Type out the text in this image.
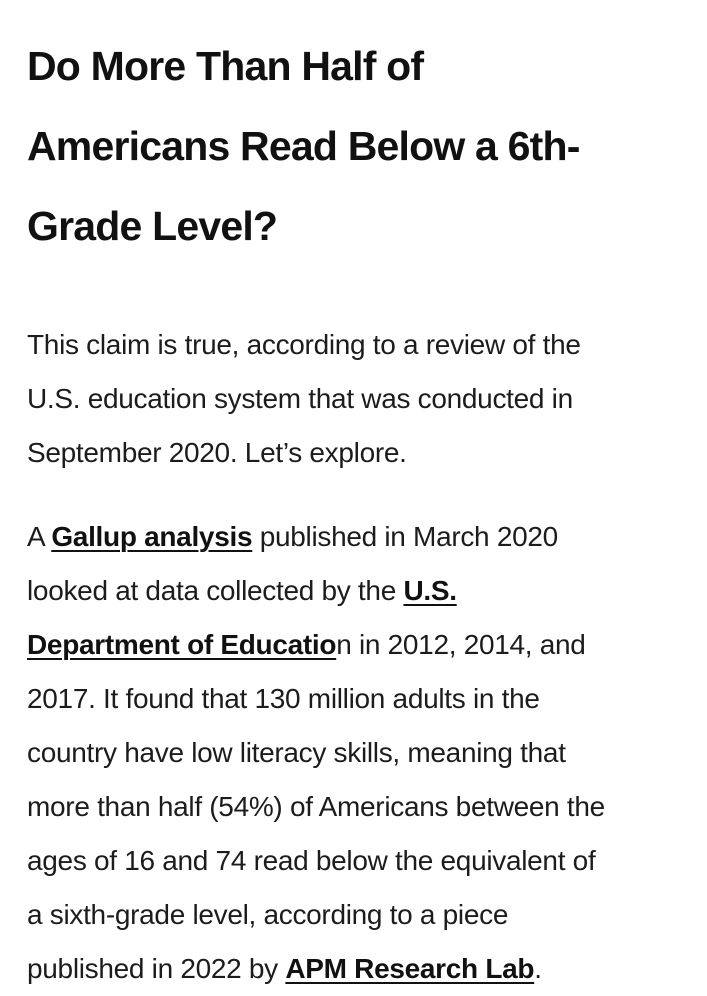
Do More Than Half of
Americans Read Below a 6th-
Grade Level?

This claim is true, according to a review of the
U.S. education system that was conducted in
September 2020. Let’s explore.

A Gallup analysis published in March 2020
looked at data collected by the U.S.
Department of Education in 2012, 2014, and
2017. It found that 130 million adults in the
country have low literacy skills, meaning that
more than half (54%) of Americans between the
ages of 16 and 74 read below the equivalent of
a sixth-grade level, according to a piece
published in 2022 by APM Research Lab.
